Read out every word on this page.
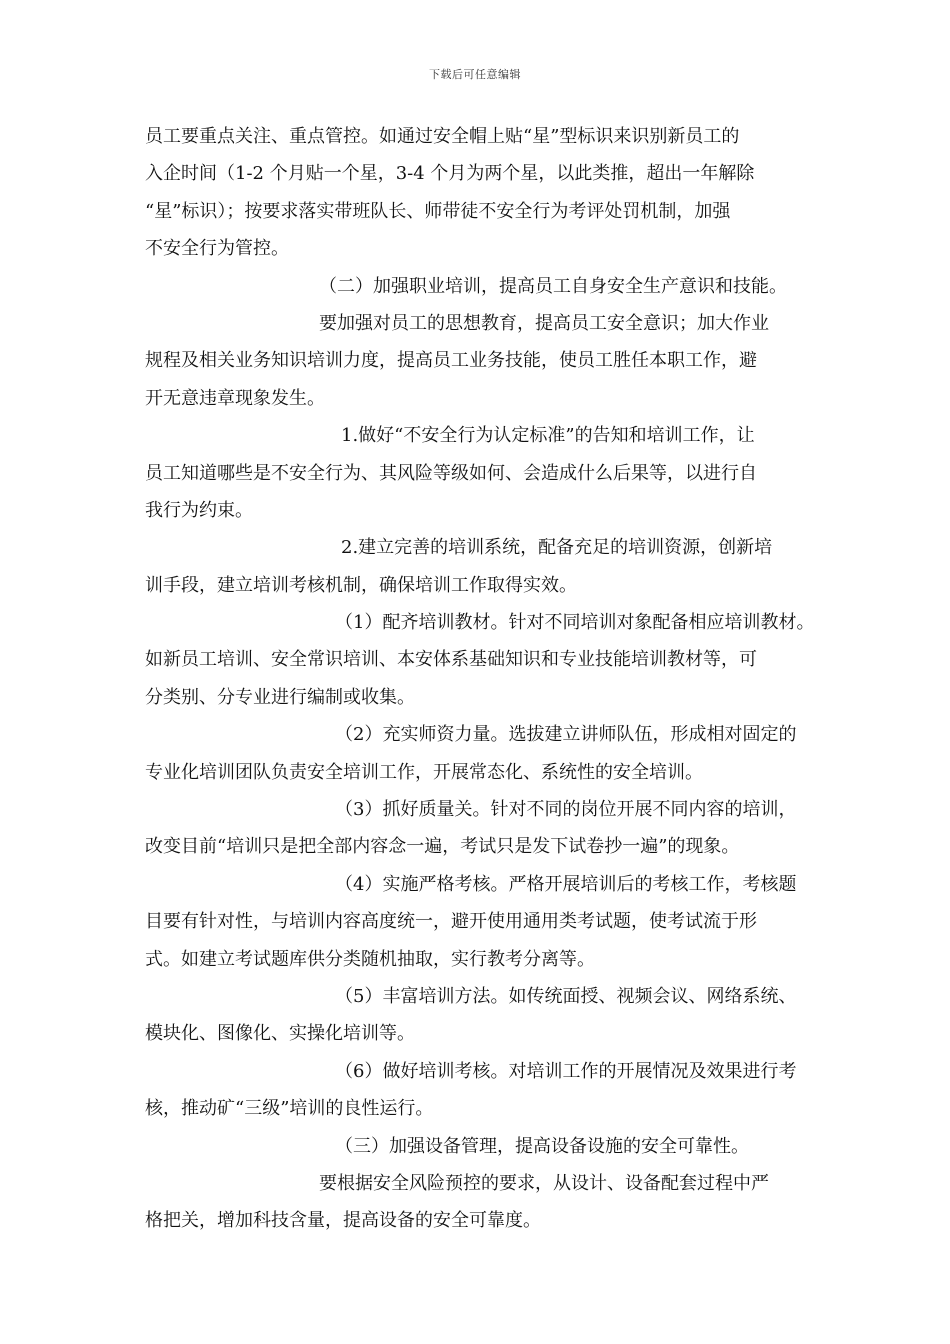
下载后可任意编辑
员工要重点关注、重点管控。如通过安全帽上贴“星”型标识来识别新员工的
入企时间（1-2 个月贴一个星，3-4 个月为两个星，以此类推，超出一年解除
“星”标识）；按要求落实带班队长、师带徒不安全行为考评处罚机制，加强
不安全行为管控。
（二）加强职业培训，提高员工自身安全生产意识和技能。
要加强对员工的思想教育，提高员工安全意识；加大作业
规程及相关业务知识培训力度，提高员工业务技能，使员工胜任本职工作，避
开无意违章现象发生。
1.做好“不安全行为认定标准”的告知和培训工作，让
员工知道哪些是不安全行为、其风险等级如何、会造成什么后果等，以进行自
我行为约束。
2.建立完善的培训系统，配备充足的培训资源，创新培
训手段，建立培训考核机制，确保培训工作取得实效。
（1）配齐培训教材。针对不同培训对象配备相应培训教材。
如新员工培训、安全常识培训、本安体系基础知识和专业技能培训教材等，可
分类别、分专业进行编制或收集。
（2）充实师资力量。选拔建立讲师队伍，形成相对固定的
专业化培训团队负责安全培训工作，开展常态化、系统性的安全培训。
（3）抓好质量关。针对不同的岗位开展不同内容的培训，
改变目前“培训只是把全部内容念一遍，考试只是发下试卷抄一遍”的现象。
（4）实施严格考核。严格开展培训后的考核工作，考核题
目要有针对性，与培训内容高度统一，避开使用通用类考试题，使考试流于形
式。如建立考试题库供分类随机抽取，实行教考分离等。
（5）丰富培训方法。如传统面授、视频会议、网络系统、
模块化、图像化、实操化培训等。
（6）做好培训考核。对培训工作的开展情况及效果进行考
核，推动矿“三级”培训的良性运行。
（三）加强设备管理，提高设备设施的安全可靠性。
要根据安全风险预控的要求，从设计、设备配套过程中严
格把关，增加科技含量，提高设备的安全可靠度。
